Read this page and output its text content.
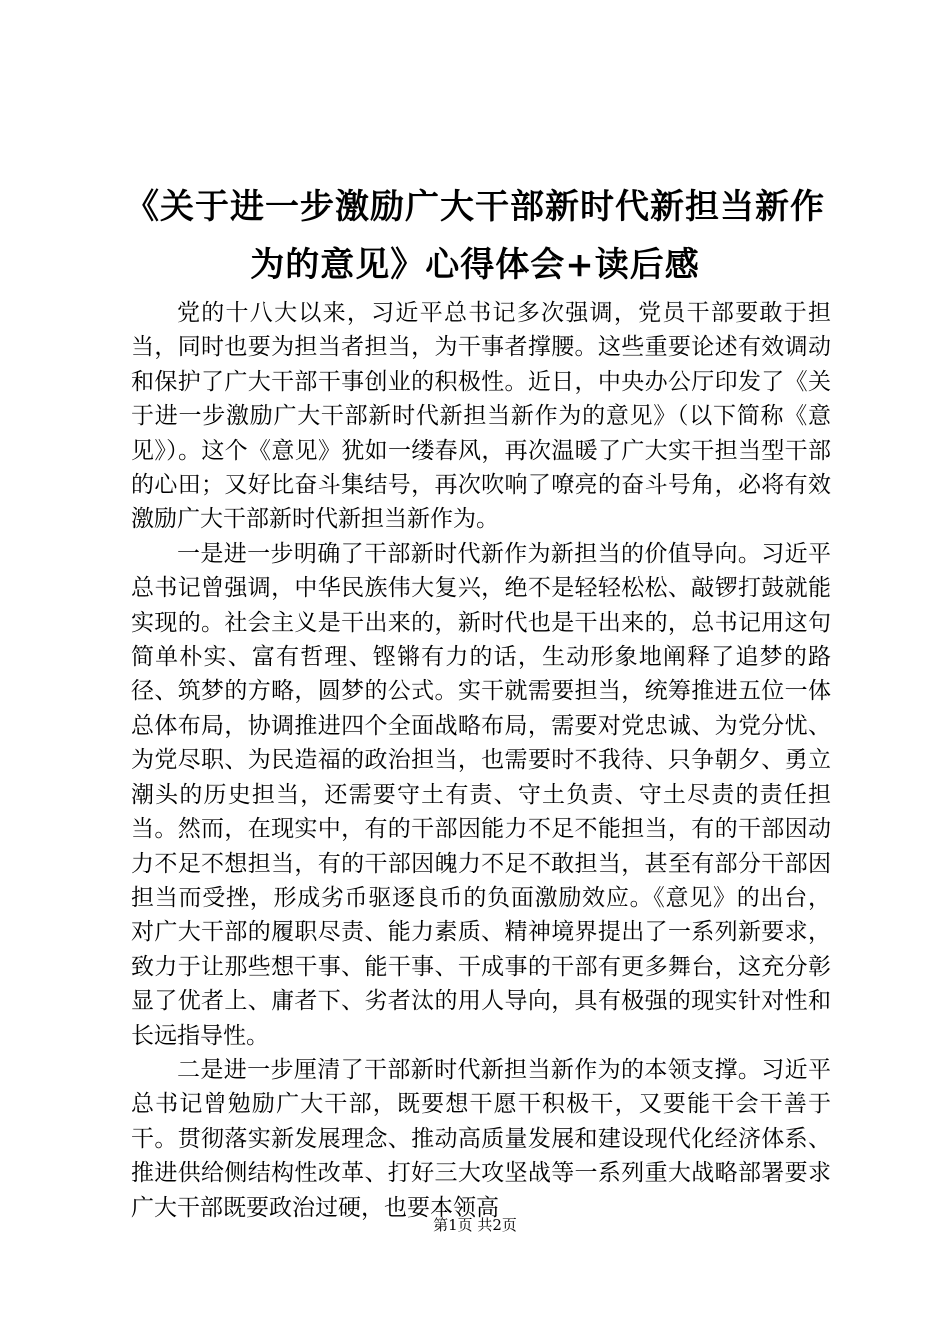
《关于进一步激励广大干部新时代新担当新作
为的意见》心得体会+读后感

党的十八大以来，习近平总书记多次强调，党员干部要敢于担当，同时也要为担当者担当，为干事者撑腰。这些重要论述有效调动和保护了广大干部干事创业的积极性。近日，中央办公厅印发了《关于进一步激励广大干部新时代新担当新作为的意见》（以下简称《意见》）。这个《意见》犹如一缕春风，再次温暖了广大实干担当型干部的心田；又好比奋斗集结号，再次吹响了嘹亮的奋斗号角，必将有效激励广大干部新时代新担当新作为。

一是进一步明确了干部新时代新作为新担当的价值导向。习近平总书记曾强调，中华民族伟大复兴，绝不是轻轻松松、敲锣打鼓就能实现的。社会主义是干出来的，新时代也是干出来的，总书记用这句简单朴实、富有哲理、铿锵有力的话，生动形象地阐释了追梦的路径、筑梦的方略，圆梦的公式。实干就需要担当，统筹推进五位一体总体布局，协调推进四个全面战略布局，需要对党忠诚、为党分忧、为党尽职、为民造福的政治担当，也需要时不我待、只争朝夕、勇立潮头的历史担当，还需要守土有责、守土负责、守土尽责的责任担当。然而，在现实中，有的干部因能力不足不能担当，有的干部因动力不足不想担当，有的干部因魄力不足不敢担当，甚至有部分干部因担当而受挫，形成劣币驱逐良币的负面激励效应。《意见》的出台，对广大干部的履职尽责、能力素质、精神境界提出了一系列新要求，致力于让那些想干事、能干事、干成事的干部有更多舞台，这充分彰显了优者上、庸者下、劣者汰的用人导向，具有极强的现实针对性和长远指导性。

二是进一步厘清了干部新时代新担当新作为的本领支撑。习近平总书记曾勉励广大干部，既要想干愿干积极干，又要能干会干善于干。贯彻落实新发展理念、推动高质量发展和建设现代化经济体系、推进供给侧结构性改革、打好三大攻坚战等一系列重大战略部署要求广大干部既要政治过硬，也要本领高

第1页 共2页
